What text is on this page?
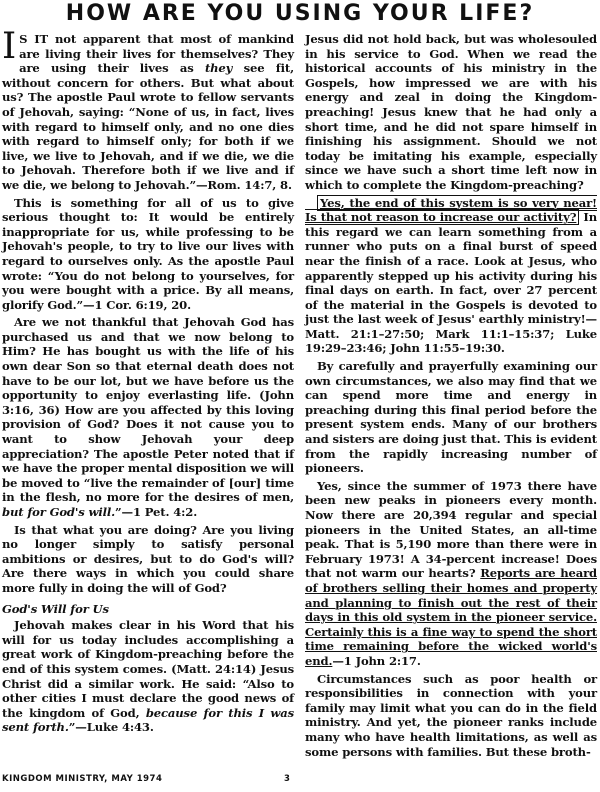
HOW ARE YOU USING YOUR LIFE?

I S IT not apparent that most of mankind are living their lives for themselves? They are using their lives as they see fit, without concern for others. But what about us? The apostle Paul wrote to fellow servants of Jehovah, saying: “None of us, in fact, lives with regard to himself only, and no one dies with regard to himself only; for both if we live, we live to Jehovah, and if we die, we die to Jehovah. Therefore both if we live and if we die, we belong to Jehovah.”—Rom. 14:7, 8.

This is something for all of us to give serious thought to: It would be entirely inappropriate for us, while professing to be Jehovah's people, to try to live our lives with regard to ourselves only. As the apostle Paul wrote: “You do not belong to yourselves, for you were bought with a price. By all means, glorify God.”—1 Cor. 6:19, 20.

Are we not thankful that Jehovah God has purchased us and that we now belong to Him? He has bought us with the life of his own dear Son so that eternal death does not have to be our lot, but we have before us the opportunity to enjoy everlasting life. (John 3:16, 36) How are you affected by this loving provision of God? Does it not cause you to want to show Jehovah your deep appreciation? The apostle Peter noted that if we have the proper mental disposition we will be moved to “live the remainder of [our] time in the flesh, no more for the desires of men, but for God's will.”—1 Pet. 4:2.

Is that what you are doing? Are you living no longer simply to satisfy personal ambitions or desires, but to do God's will? Are there ways in which you could share more fully in doing the will of God?

God's Will for Us

Jehovah makes clear in his Word that his will for us today includes accomplishing a great work of Kingdom-preaching before the end of this system comes. (Matt. 24:14) Jesus Christ did a similar work. He said: “Also to other cities I must declare the good news of the kingdom of God, because for this I was sent forth.”—Luke 4:43.

Jesus did not hold back, but was wholesouled in his service to God. When we read the historical accounts of his ministry in the Gospels, how impressed we are with his energy and zeal in doing the Kingdom-preaching! Jesus knew that he had only a short time, and he did not spare himself in finishing his assignment. Should we not today be imitating his example, especially since we have such a short time left now in which to complete the Kingdom-preaching?

Yes, the end of this system is so very near! Is that not reason to increase our activity? In this regard we can learn something from a runner who puts on a final burst of speed near the finish of a race. Look at Jesus, who apparently stepped up his activity during his final days on earth. In fact, over 27 percent of the material in the Gospels is devoted to just the last week of Jesus' earthly ministry!—Matt. 21:1–27:50; Mark 11:1–15:37; Luke 19:29–23:46; John 11:55–19:30.

By carefully and prayerfully examining our own circumstances, we also may find that we can spend more time and energy in preaching during this final period before the present system ends. Many of our brothers and sisters are doing just that. This is evident from the rapidly increasing number of pioneers.

Yes, since the summer of 1973 there have been new peaks in pioneers every month. Now there are 20,394 regular and special pioneers in the United States, an all-time peak. That is 5,190 more than there were in February 1973! A 34-percent increase! Does that not warm our hearts? Reports are heard of brothers selling their homes and property and planning to finish out the rest of their days in this old system in the pioneer service. Certainly this is a fine way to spend the short time remaining before the wicked world's end.—1 John 2:17.

Circumstances such as poor health or responsibilities in connection with your family may limit what you can do in the field ministry. And yet, the pioneer ranks include many who have health limitations, as well as some persons with families. But these broth-

KINGDOM MINISTRY, MAY 1974	3
